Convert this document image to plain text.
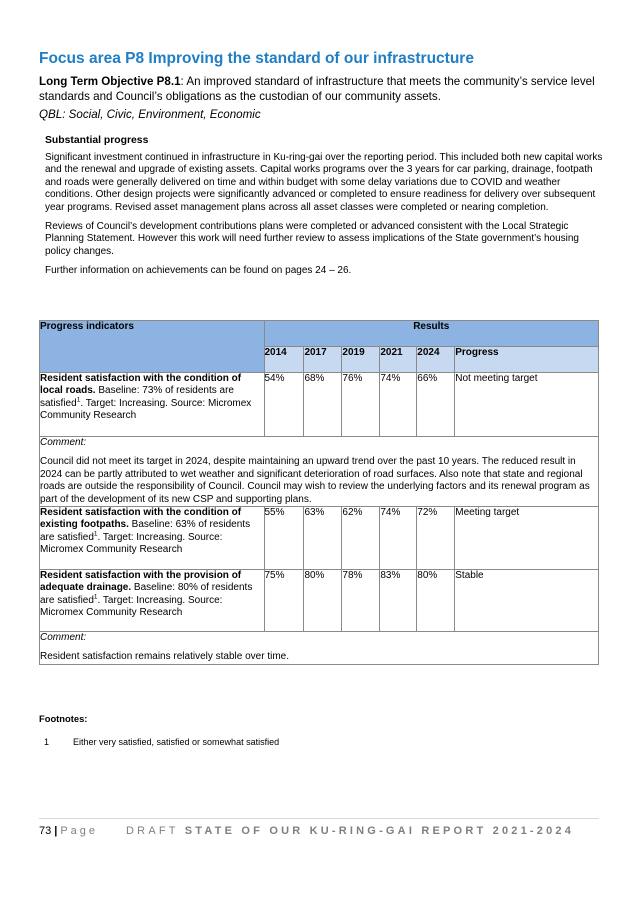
Focus area P8 Improving the standard of our infrastructure

Long Term Objective P8.1: An improved standard of infrastructure that meets the community’s service level standards and Council’s obligations as the custodian of our community assets.

QBL: Social, Civic, Environment, Economic

Substantial progress

Significant investment continued in infrastructure in Ku-ring-gai over the reporting period. This included both new capital works and the renewal and upgrade of existing assets. Capital works programs over the 3 years for car parking, drainage, footpath and roads were generally delivered on time and within budget with some delay variations due to COVID and weather conditions. Other design projects were significantly advanced or completed to ensure readiness for delivery over subsequent year programs. Revised asset management plans across all asset classes were completed or nearing completion.

Reviews of Council’s development contributions plans were completed or advanced consistent with the Local Strategic Planning Statement. However this work will need further review to assess implications of the State government’s housing policy changes.

Further information on achievements can be found on pages 24 – 26.

Progress indicators	Results					
	2014	2017	2019	2021	2024	Progress
Resident satisfaction with the condition of local roads. Baseline: 73% of residents are satisfied$^1$. Target: Increasing. Source: Micromex Community Research	54%	68%	76%	74%	66%	Not meeting target

Comment:
Council did not meet its target in 2024, despite maintaining an upward trend over the past 10 years. The reduced result in 2024 can be partly attributed to wet weather and significant deterioration of road surfaces. Also note that state and regional roads are outside the responsibility of Council. Council may wish to review the underlying factors and its renewal program as part of the development of its new CSP and supporting plans.						

Resident satisfaction with the condition of existing footpaths. Baseline: 63% of residents are satisfied$^1$. Target: Increasing. Source: Micromex Community Research	55%	63%	62%	74%	72%	Meeting target
Resident satisfaction with the provision of adequate drainage. Baseline: 80% of residents are satisfied$^1$. Target: Increasing. Source: Micromex Community Research	75%	80%	78%	83%	80%	Stable

Comment:
Resident satisfaction remains relatively stable over time.						
Footnotes:
1	Either very satisfied, satisfied or somewhat satisfied
73 | Page	DRAFT STATE OF OUR KU-RING-GAI REPORT 2021-2024
